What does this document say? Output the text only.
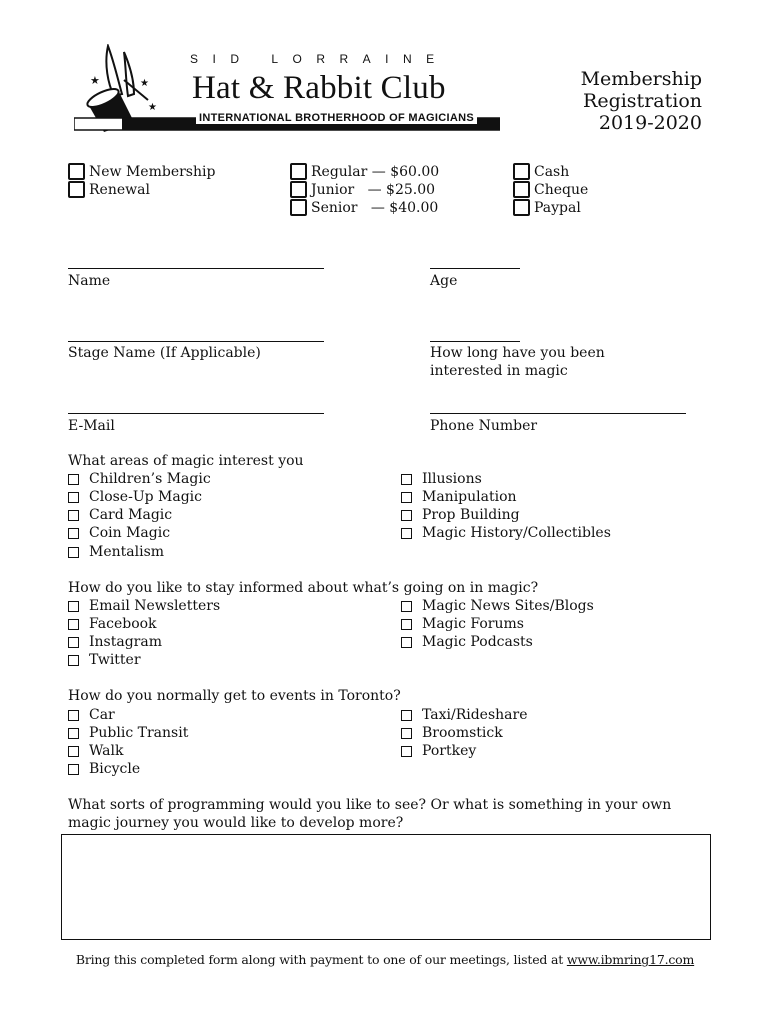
★	★
★
SID LORRAINE
Hat & Rabbit Club
INTERNATIONAL BROTHERHOOD OF MAGICIANS
Membership
Registration
2019-2020
New Membership
Renewal
Regular — $60.00
Junior   — $25.00
Senior   — $40.00
Cash
Cheque
Paypal
Name	Age
Stage Name (If Applicable)	How long have you been
interested in magic
E-Mail	Phone Number
What areas of magic interest you
Children’s Magic
Close-Up Magic
Card Magic
Coin Magic
Mentalism
Illusions
Manipulation
Prop Building
Magic History/Collectibles
How do you like to stay informed about what’s going on in magic?
Email Newsletters
Facebook
Instagram
Twitter
Magic News Sites/Blogs
Magic Forums
Magic Podcasts
How do you normally get to events in Toronto?
Car
Public Transit
Walk
Bicycle
Taxi/Rideshare
Broomstick
Portkey
What sorts of programming would you like to see? Or what is something in your own
magic journey you would like to develop more?
Bring this completed form along with payment to one of our meetings, listed at www.ibmring17.com
